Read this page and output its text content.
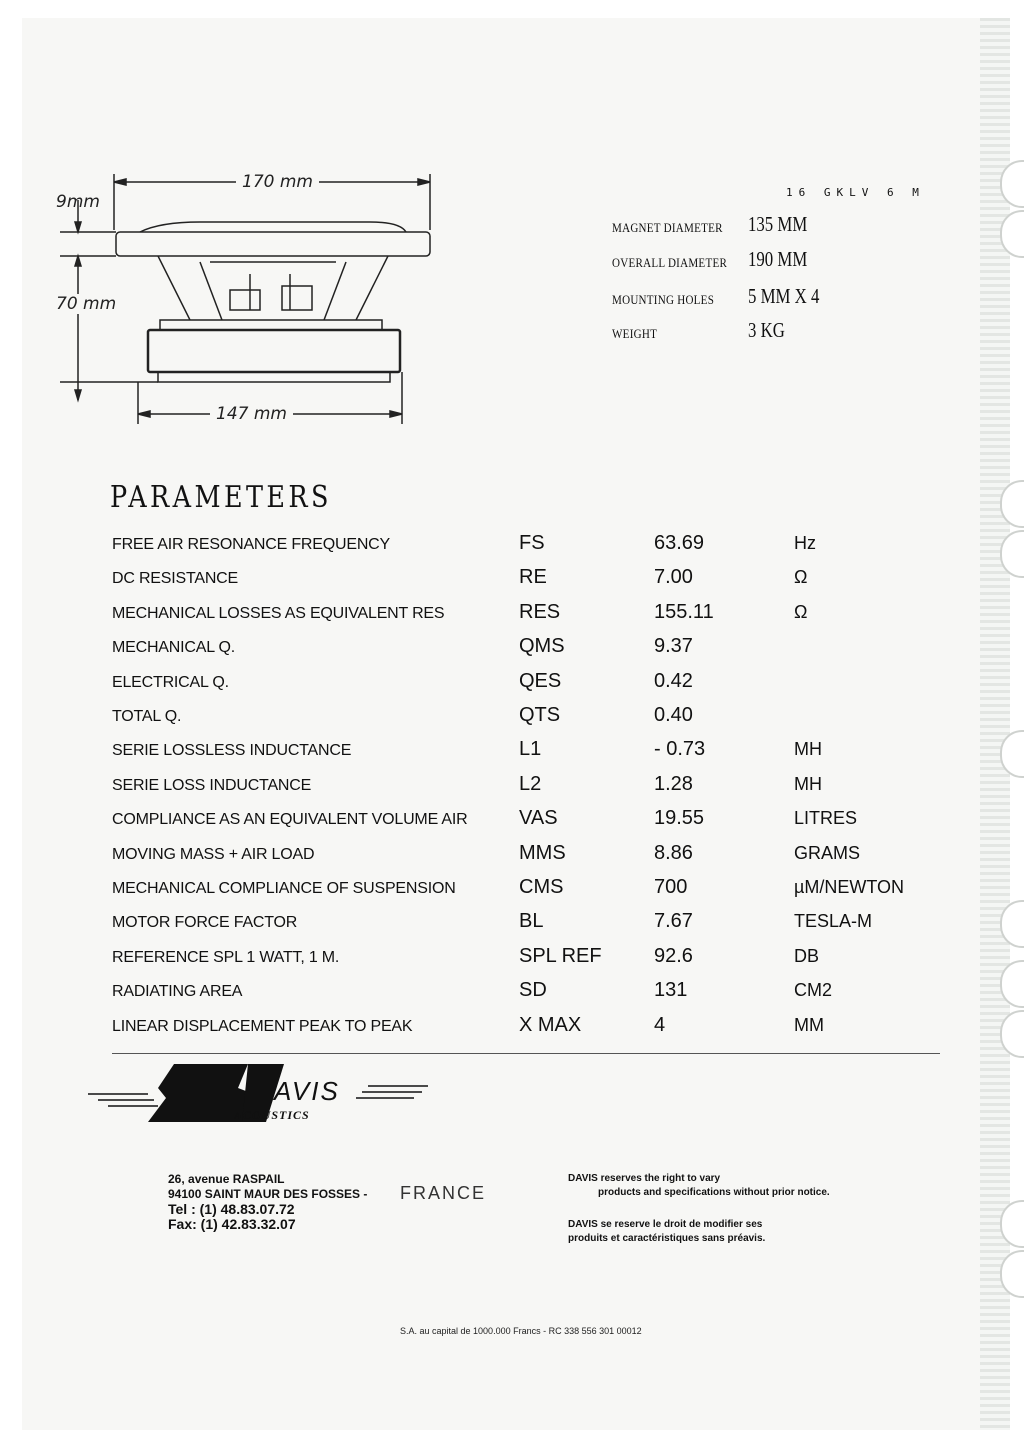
170 mm
147 mm
9mm
70 mm
16 GKLV 6 M
MAGNET DIAMETER 135 MM
OVERALL DIAMETER 190 MM
MOUNTING HOLES 5 MM X 4
WEIGHT	3 KG
PARAMETERS
FREE AIR RESONANCE FREQUENCY	FS	63.69	Hz
DC RESISTANCE	RE	7.00	Ω
MECHANICAL LOSSES AS EQUIVALENT RES	RES	155.11	Ω
MECHANICAL Q.	QMS	9.37
ELECTRICAL Q.	QES	0.42
TOTAL Q.	QTS	0.40
SERIE LOSSLESS INDUCTANCE	L1	- 0.73	MH
SERIE LOSS INDUCTANCE	L2	1.28	MH
COMPLIANCE AS AN EQUIVALENT VOLUME AIR	VAS	19.55	LITRES
MOVING MASS + AIR LOAD	MMS	8.86	GRAMS
MECHANICAL COMPLIANCE OF SUSPENSION	CMS	700	µM/NEWTON
MOTOR FORCE FACTOR	BL	7.67	TESLA-M
REFERENCE SPL 1 WATT, 1 M.	SPL REF	92.6	DB
RADIATING AREA	SD	131	CM2
LINEAR DISPLACEMENT PEAK TO PEAK	X MAX	4	MM
AVIS
ACOUSTICS
26, avenue RASPAIL
94100 SAINT MAUR DES FOSSES -
Tel : (1) 48.83.07.72
Fax: (1) 42.83.32.07
FRANCE
DAVIS reserves the right to vary
products and specifications without prior notice.
DAVIS se reserve le droit de modifier ses
produits et caractéristiques sans préavis.
S.A. au capital de 1000.000 Francs - RC 338 556 301 00012
